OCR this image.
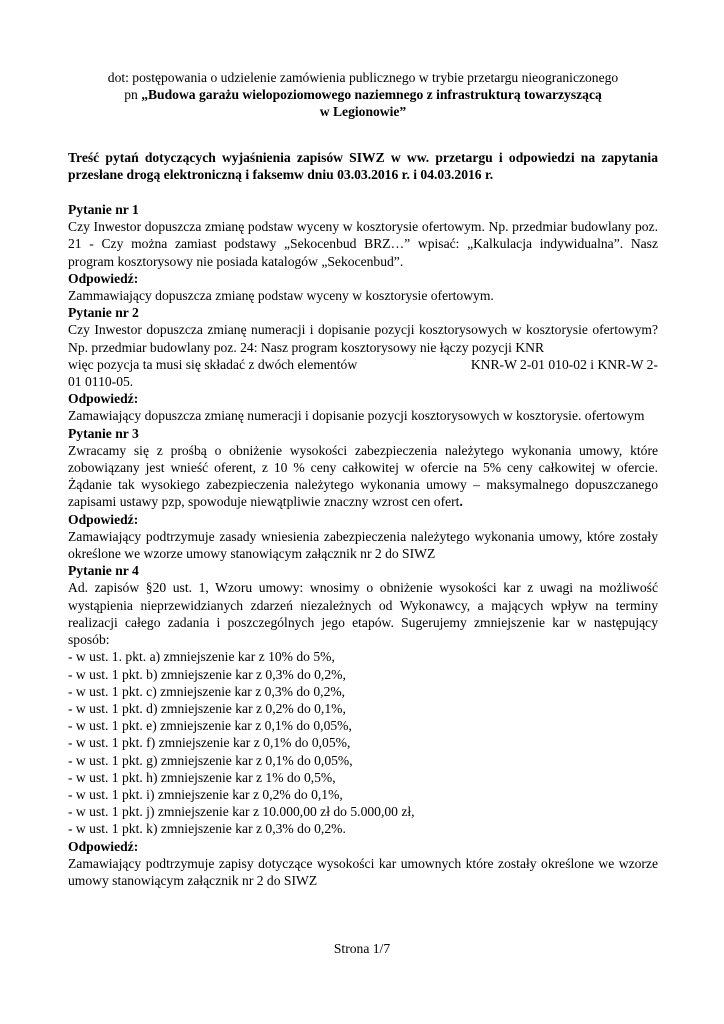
dot: postępowania o udzielenie zamówienia publicznego w trybie przetargu nieograniczonego

pn „Budowa garażu wielopoziomowego naziemnego z infrastrukturą towarzyszącą

w Legionowie”

Treść pytań dotyczących wyjaśnienia zapisów SIWZ w ww. przetargu i odpowiedzi na zapytania przesłane drogą elektroniczną i faksemw dniu 03.03.2016 r. i 04.03.2016 r.

Pytanie nr 1

Czy Inwestor dopuszcza zmianę podstaw wyceny w kosztorysie ofertowym. Np. przedmiar budowlany poz. 21 - Czy można zamiast podstawy „Sekocenbud BRZ…” wpisać: „Kalkulacja indywidualna”. Nasz program kosztorysowy nie posiada katalogów „Sekocenbud”.

Odpowiedź:

Zammawiający dopuszcza zmianę podstaw wyceny w kosztorysie ofertowym.

Pytanie nr 2

Czy Inwestor dopuszcza zmianę numeracji i dopisanie pozycji kosztorysowych w kosztorysie ofertowym? Np. przedmiar budowlany poz. 24: Nasz program kosztorysowy nie łączy pozycji KNR

więc pozycja ta musi się składać z dwóch elementów	KNR-W 2-01 010-02 i KNR-W 2-

01 0110-05.

Odpowiedź:

Zamawiający dopuszcza zmianę numeracji i dopisanie pozycji kosztorysowych w kosztorysie. ofertowym

Pytanie nr 3

Zwracamy się z prośbą o obniżenie wysokości zabezpieczenia należytego wykonania umowy, które zobowiązany jest wnieść oferent, z 10 % ceny całkowitej w ofercie na 5% ceny całkowitej w ofercie. Żądanie tak wysokiego zabezpieczenia należytego wykonania umowy – maksymalnego dopuszczanego zapisami ustawy pzp, spowoduje niewątpliwie znaczny wzrost cen ofert.

Odpowiedź:

Zamawiający podtrzymuje zasady wniesienia zabezpieczenia należytego wykonania umowy, które zostały określone we wzorze umowy stanowiącym załącznik nr 2 do SIWZ

Pytanie nr 4

Ad. zapisów §20 ust. 1, Wzoru umowy: wnosimy o obniżenie wysokości kar z uwagi na możliwość wystąpienia nieprzewidzianych zdarzeń niezależnych od Wykonawcy, a mających wpływ na terminy realizacji całego zadania i poszczególnych jego etapów. Sugerujemy zmniejszenie kar w następujący sposób:

- w ust. 1. pkt. a) zmniejszenie kar z 10% do 5%,
- w ust. 1 pkt. b) zmniejszenie kar z 0,3% do 0,2%,
- w ust. 1 pkt. c) zmniejszenie kar z 0,3% do 0,2%,
- w ust. 1 pkt. d) zmniejszenie kar z 0,2% do 0,1%,
- w ust. 1 pkt. e) zmniejszenie kar z 0,1% do 0,05%,
- w ust. 1 pkt. f) zmniejszenie kar z 0,1% do 0,05%,
- w ust. 1 pkt. g) zmniejszenie kar z 0,1% do 0,05%,
- w ust. 1 pkt. h) zmniejszenie kar z 1% do 0,5%,
- w ust. 1 pkt. i) zmniejszenie kar z 0,2% do 0,1%,
- w ust. 1 pkt. j) zmniejszenie kar z 10.000,00 zł do 5.000,00 zł,
- w ust. 1 pkt. k) zmniejszenie kar z 0,3% do 0,2%.

Odpowiedź:

Zamawiający podtrzymuje zapisy dotyczące wysokości kar umownych które zostały określone we wzorze umowy stanowiącym załącznik nr 2 do SIWZ

Strona 1/7
